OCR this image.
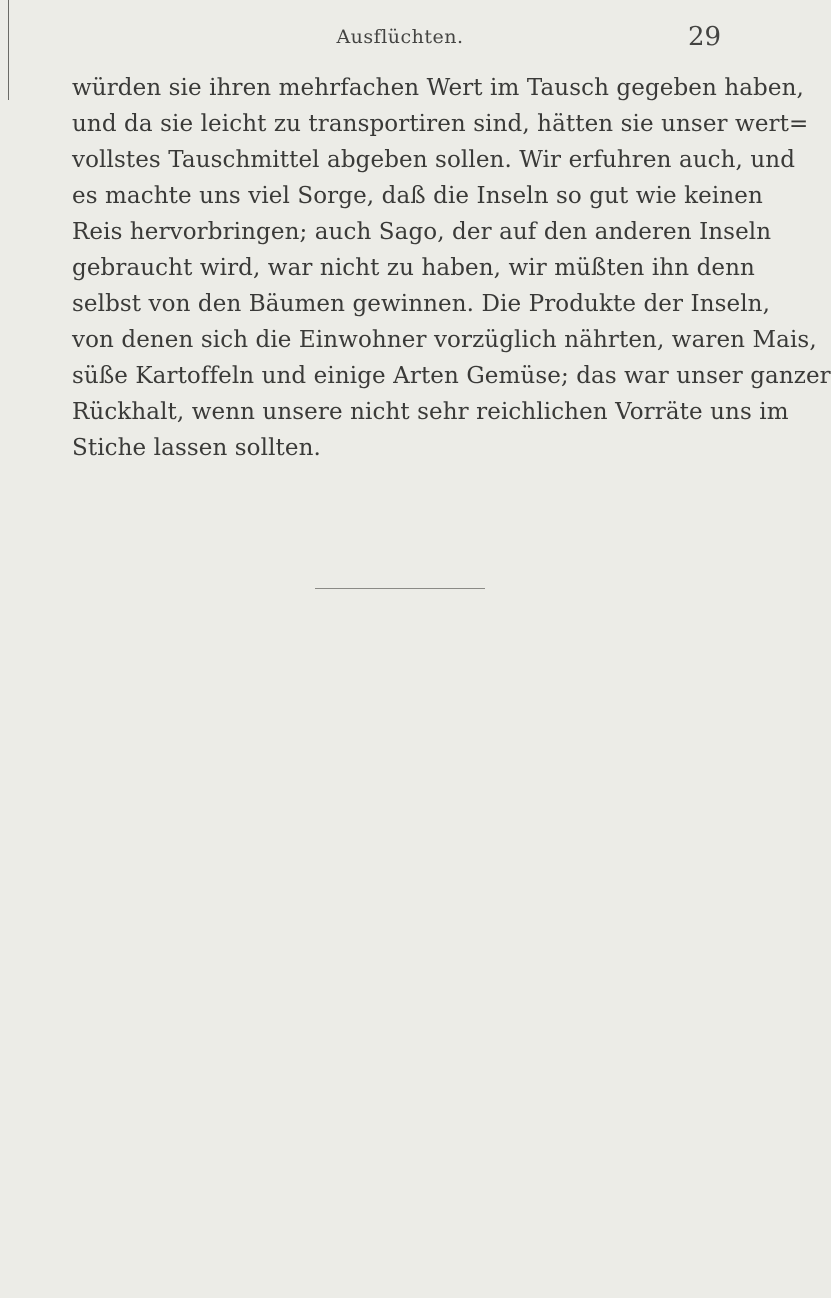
Ausflüchten.	29
würden sie ihren mehrfachen Wert im Tausch gegeben haben,
und da sie leicht zu transportiren sind, hätten sie unser wert=
vollstes Tauschmittel abgeben sollen. Wir erfuhren auch, und
es machte uns viel Sorge, daß die Inseln so gut wie keinen
Reis hervorbringen; auch Sago, der auf den anderen Inseln
gebraucht wird, war nicht zu haben, wir müßten ihn denn
selbst von den Bäumen gewinnen. Die Produkte der Inseln,
von denen sich die Einwohner vorzüglich nährten, waren Mais,
süße Kartoffeln und einige Arten Gemüse; das war unser ganzer
Rückhalt, wenn unsere nicht sehr reichlichen Vorräte uns im
Stiche lassen sollten.
